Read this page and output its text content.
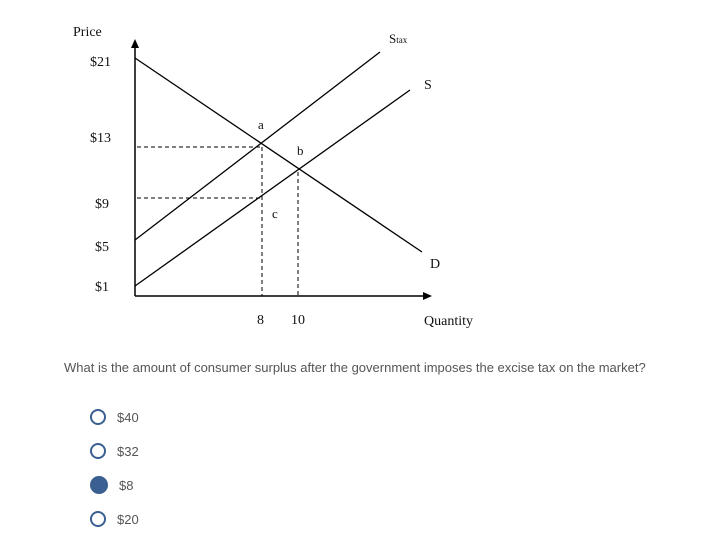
Price
Quantity
$21
$13
$9
$5
$1
8 10
Stax
S
D
a
b
c
What is the amount of consumer surplus after the government imposes the excise tax on the market?
$40
$32
$8
$20
